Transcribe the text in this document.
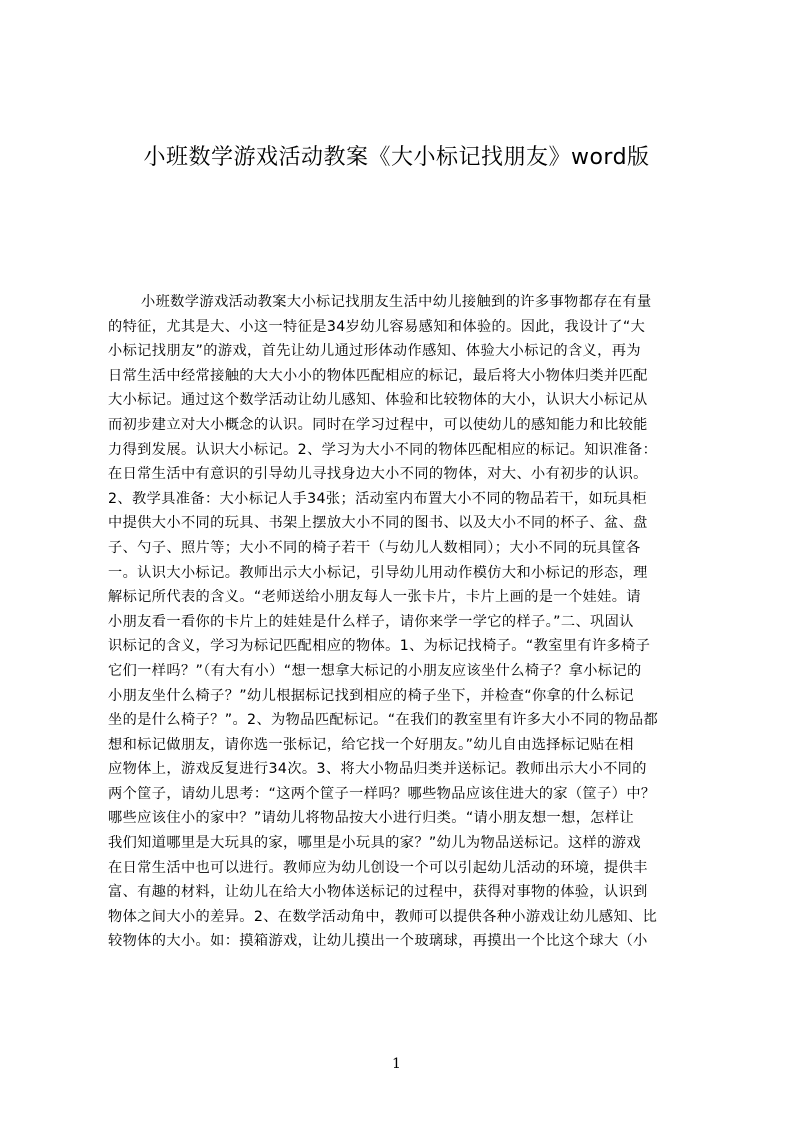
小班数学游戏活动教案《大小标记找朋友》word版
小班数学游戏活动教案大小标记找朋友生活中幼儿接触到的许多事物都存在有量
的特征，尤其是大、小这一特征是34岁幼儿容易感知和体验的。因此，我设计了“大
小标记找朋友”的游戏，首先让幼儿通过形体动作感知、体验大小标记的含义，再为
日常生活中经常接触的大大小小的物体匹配相应的标记，最后将大小物体归类并匹配
大小标记。通过这个数学活动让幼儿感知、体验和比较物体的大小，认识大小标记从
而初步建立对大小概念的认识。同时在学习过程中，可以使幼儿的感知能力和比较能
力得到发展。认识大小标记。2、学习为大小不同的物体匹配相应的标记。知识准备：
在日常生活中有意识的引导幼儿寻找身边大小不同的物体，对大、小有初步的认识。
2、教学具准备：大小标记人手34张；活动室内布置大小不同的物品若干，如玩具柜
中提供大小不同的玩具、书架上摆放大小不同的图书、以及大小不同的杯子、盆、盘
子、勺子、照片等；大小不同的椅子若干（与幼儿人数相同）；大小不同的玩具筐各
一。认识大小标记。教师出示大小标记，引导幼儿用动作模仿大和小标记的形态，理
解标记所代表的含义。“老师送给小朋友每人一张卡片，卡片上画的是一个娃娃。请
小朋友看一看你的卡片上的娃娃是什么样子，请你来学一学它的样子。”二、巩固认
识标记的含义，学习为标记匹配相应的物体。1、为标记找椅子。“教室里有许多椅子
它们一样吗？”（有大有小）“想一想拿大标记的小朋友应该坐什么椅子？拿小标记的
小朋友坐什么椅子？”幼儿根据标记找到相应的椅子坐下，并检查“你拿的什么标记
坐的是什么椅子？”。2、为物品匹配标记。“在我们的教室里有许多大小不同的物品都
想和标记做朋友，请你选一张标记，给它找一个好朋友。”幼儿自由选择标记贴在相
应物体上，游戏反复进行34次。3、将大小物品归类并送标记。教师出示大小不同的
两个筐子，请幼儿思考：“这两个筐子一样吗？哪些物品应该住进大的家（筐子）中？
哪些应该住小的家中？”请幼儿将物品按大小进行归类。“请小朋友想一想，怎样让
我们知道哪里是大玩具的家，哪里是小玩具的家？”幼儿为物品送标记。这样的游戏
在日常生活中也可以进行。教师应为幼儿创设一个可以引起幼儿活动的环境，提供丰
富、有趣的材料，让幼儿在给大小物体送标记的过程中，获得对事物的体验，认识到
物体之间大小的差异。2、在数学活动角中，教师可以提供各种小游戏让幼儿感知、比
较物体的大小。如：摸箱游戏，让幼儿摸出一个玻璃球，再摸出一个比这个球大（小
1
